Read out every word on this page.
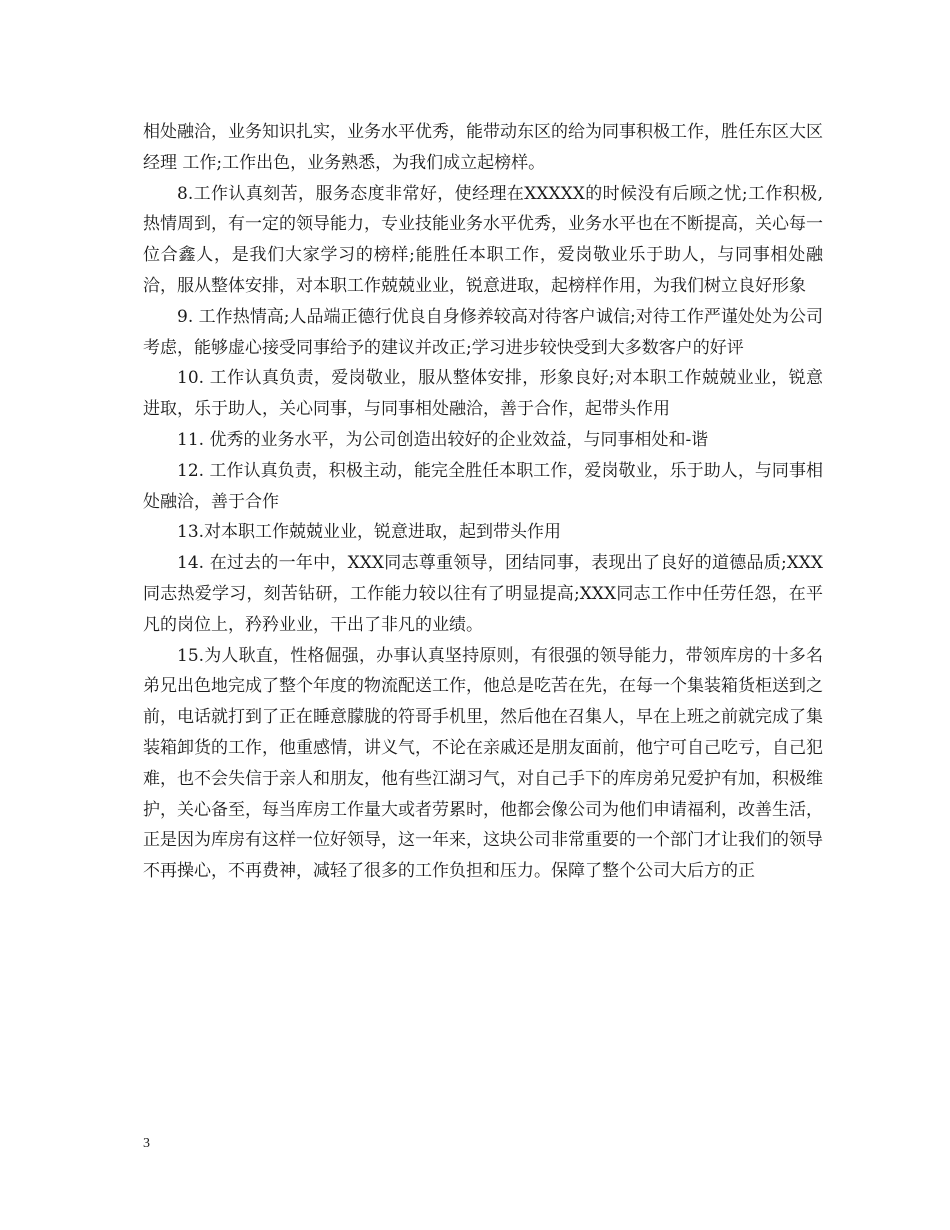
相处融洽，业务知识扎实，业务水平优秀，能带动东区的给为同事积极工作，胜任东区大区经理 工作;工作出色，业务熟悉，为我们成立起榜样。

8.工作认真刻苦，服务态度非常好，使经理在XXXXX的时候没有后顾之忧;工作积极,热情周到，有一定的领导能力，专业技能业务水平优秀，业务水平也在不断提高，关心每一位合鑫人，是我们大家学习的榜样;能胜任本职工作，爱岗敬业乐于助人，与同事相处融洽，服从整体安排，对本职工作兢兢业业，锐意进取，起榜样作用，为我们树立良好形象

9. 工作热情高;人品端正德行优良自身修养较高对待客户诚信;对待工作严谨处处为公司考虑，能够虚心接受同事给予的建议并改正;学习进步较快受到大多数客户的好评

10. 工作认真负责，爱岗敬业，服从整体安排，形象良好;对本职工作兢兢业业，锐意进取，乐于助人，关心同事，与同事相处融洽，善于合作，起带头作用

11. 优秀的业务水平，为公司创造出较好的企业效益，与同事相处和-谐

12. 工作认真负责，积极主动，能完全胜任本职工作，爱岗敬业，乐于助人，与同事相处融洽，善于合作

13.对本职工作兢兢业业，锐意进取，起到带头作用

14. 在过去的一年中，XXX同志尊重领导，团结同事，表现出了良好的道德品质;XXX同志热爱学习，刻苦钻研，工作能力较以往有了明显提高;XXX同志工作中任劳任怨，在平凡的岗位上，矜矜业业，干出了非凡的业绩。

15.为人耿直，性格倔强，办事认真坚持原则，有很强的领导能力，带领库房的十多名弟兄出色地完成了整个年度的物流配送工作，他总是吃苦在先，在每一个集装箱货柜送到之前，电话就打到了正在睡意朦胧的符哥手机里，然后他在召集人，早在上班之前就完成了集装箱卸货的工作，他重感情，讲义气，不论在亲戚还是朋友面前，他宁可自己吃亏，自己犯难，也不会失信于亲人和朋友，他有些江湖习气，对自己手下的库房弟兄爱护有加，积极维护，关心备至，每当库房工作量大或者劳累时，他都会像公司为他们申请福利，改善生活，正是因为库房有这样一位好领导，这一年来，这块公司非常重要的一个部门才让我们的领导不再操心，不再费神，减轻了很多的工作负担和压力。保障了整个公司大后方的正

3
